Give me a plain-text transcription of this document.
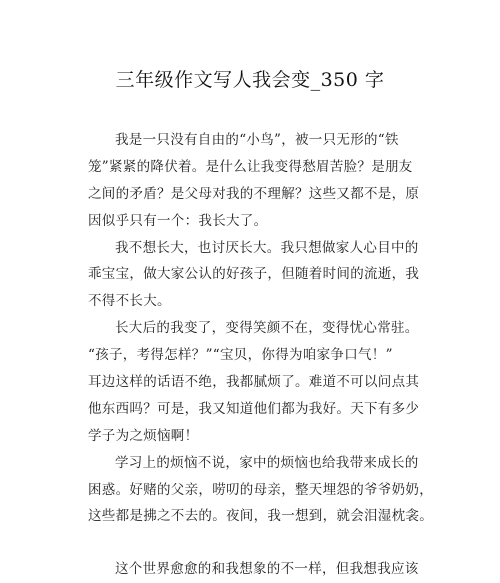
三年级作文写人我会变_350 字
我是一只没有自由的“小鸟”，被一只无形的“铁
笼”紧紧的降伏着。是什么让我变得愁眉苦脸？是朋友
之间的矛盾？是父母对我的不理解？这些又都不是，原
因似乎只有一个：我长大了。
我不想长大，也讨厌长大。我只想做家人心目中的
乖宝宝，做大家公认的好孩子，但随着时间的流逝，我
不得不长大。
长大后的我变了，变得笑颜不在，变得忧心常驻。
“孩子，考得怎样？”“宝贝，你得为咱家争口气！”
耳边这样的话语不绝，我都腻烦了。难道不可以问点其
他东西吗？可是，我又知道他们都为我好。天下有多少
学子为之烦恼啊！
学习上的烦恼不说，家中的烦恼也给我带来成长的
困惑。好赌的父亲，唠叨的母亲，整天埋怨的爷爷奶奶，
这些都是拂之不去的。夜间，我一想到，就会泪湿枕衾。
这个世界愈愈的和我想象的不一样，但我想我应该
